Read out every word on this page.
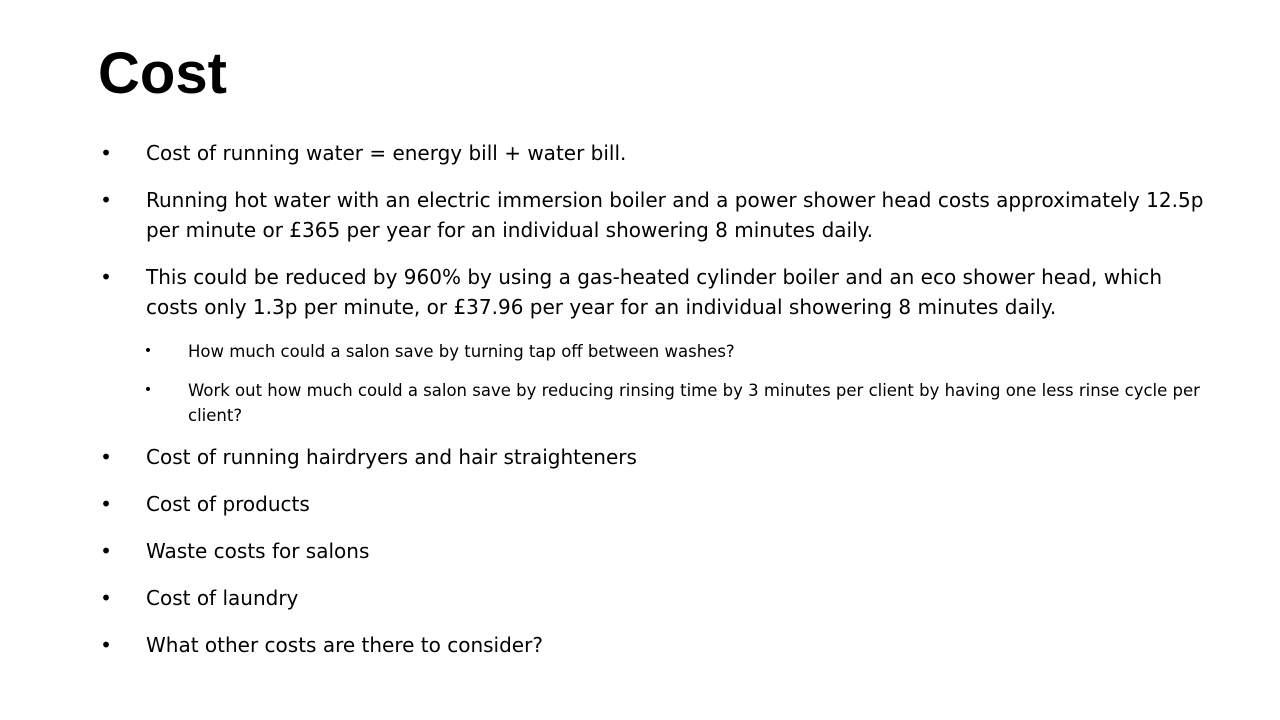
Cost
• Cost of running water = energy bill + water bill.
• Running hot water with an electric immersion boiler and a power shower head costs approximately 12.5p per minute or £365 per year for an individual showering 8 minutes daily.
• This could be reduced by 960% by using a gas-heated cylinder boiler and an eco shower head, which costs only 1.3p per minute, or £37.96 per year for an individual showering 8 minutes daily.
• How much could a salon save by turning tap off between washes?
• Work out how much could a salon save by reducing rinsing time by 3 minutes per client by having one less rinse cycle per client?
• Cost of running hairdryers and hair straighteners
• Cost of products
• Waste costs for salons
• Cost of laundry
• What other costs are there to consider?
